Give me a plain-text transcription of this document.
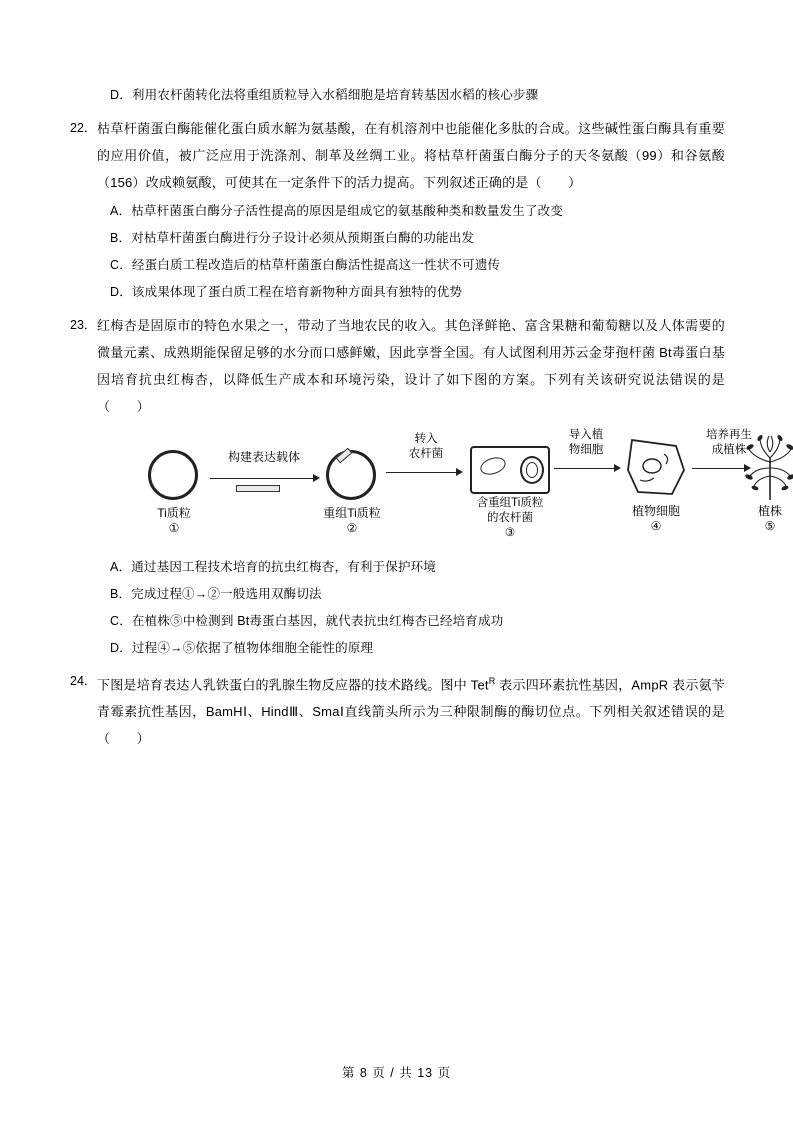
D．利用农杆菌转化法将重组质粒导入水稻细胞是培育转基因水稻的核心步骤
22． 枯草杆菌蛋白酶能催化蛋白质水解为氨基酸，在有机溶剂中也能催化多肽的合成。这些碱性蛋白酶具有重要的应用价值，被广泛应用于洗涤剂、制革及丝绸工业。将枯草杆菌蛋白酶分子的天冬氨酸（99）和谷氨酸（156）改成赖氨酸，可使其在一定条件下的活力提高。下列叙述正确的是（　　）
A．枯草杆菌蛋白酶分子活性提高的原因是组成它的氨基酸种类和数量发生了改变
B．对枯草杆菌蛋白酶进行分子设计必须从预期蛋白酶的功能出发
C．经蛋白质工程改造后的枯草杆菌蛋白酶活性提高这一性状不可遗传
D．该成果体现了蛋白质工程在培育新物种方面具有独特的优势
23． 红梅杏是固原市的特色水果之一，带动了当地农民的收入。其色泽鲜艳、富含果糖和葡萄糖以及人体需要的微量元素、成熟期能保留足够的水分而口感鲜嫩，因此享誉全国。有人试图利用苏云金芽孢杆菌 Bt毒蛋白基因培育抗虫红梅杏，以降低生产成本和环境污染，设计了如下图的方案。下列有关该研究说法错误的是（　　）
Ti质粒
①
构建表达载体
重组Ti质粒
②
转入
农杆菌
含重组Ti质粒
的农杆菌
③
导入植
物细胞
植物细胞
④
培养再生
成植株
植株
⑤
A．通过基因工程技术培育的抗虫红梅杏，有利于保护环境
B．完成过程①→②一般选用双酶切法
C．在植株⑤中检测到 Bt毒蛋白基因，就代表抗虫红梅杏已经培育成功
D．过程④→⑤依据了植物体细胞全能性的原理
24． 下图是培育表达人乳铁蛋白的乳腺生物反应器的技术路线。图中 Tet$^R$ 表示四环素抗性基因，AmpR 表示氨苄青霉素抗性基因，BamHⅠ、HindⅢ、SmaⅠ直线箭头所示为三种限制酶的酶切位点。下列相关叙述错误的是（　　）
第 8 页 / 共 13 页
